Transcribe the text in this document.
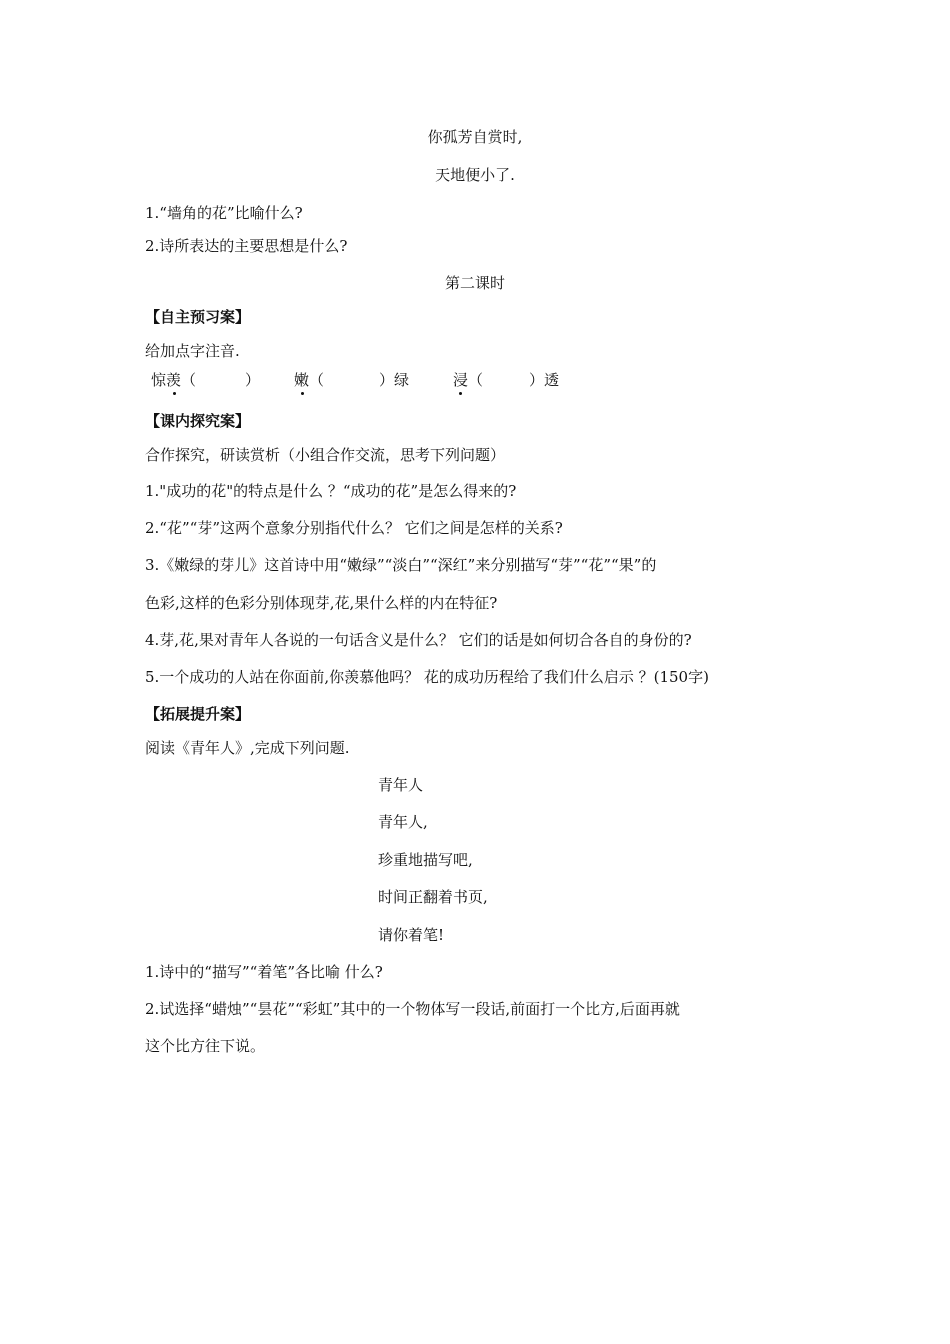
你孤芳自赏时,
天地便小了.
1.“墙角的花”比喻什么?
2.诗所表达的主要思想是什么?
第二课时
【自主预习案】
给加点字注音.
惊羡（	） 嫩（	）绿	浸（	）透
【课内探究案】
合作探究，研读赏析（小组合作交流，思考下列问题）
1."成功的花"的特点是什么 ？“成功的花”是怎么得来的?
2.“花”“芽”这两个意象分别指代什么？ 它们之间是怎样的关系?
3.《嫩绿的芽儿》这首诗中用“嫩绿”“淡白”“深红”来分别描写“芽”“花”“果”的
色彩,这样的色彩分别体现芽,花,果什么样的内在特征?
4.芽,花,果对青年人各说的一句话含义是什么？ 它们的话是如何切合各自的身份的?
5.一个成功的人站在你面前,你羡慕他吗？ 花的成功历程给了我们什么启示 ？(150字)
【拓展提升案】
阅读《青年人》,完成下列问题.
青年人
青年人,
珍重地描写吧,
时间正翻着书页,
请你着笔!
1.诗中的“描写”“着笔”各比喻 什么?
2.试选择“蜡烛”“昙花”“彩虹”其中的一个物体写一段话,前面打一个比方,后面再就
这个比方往下说。
